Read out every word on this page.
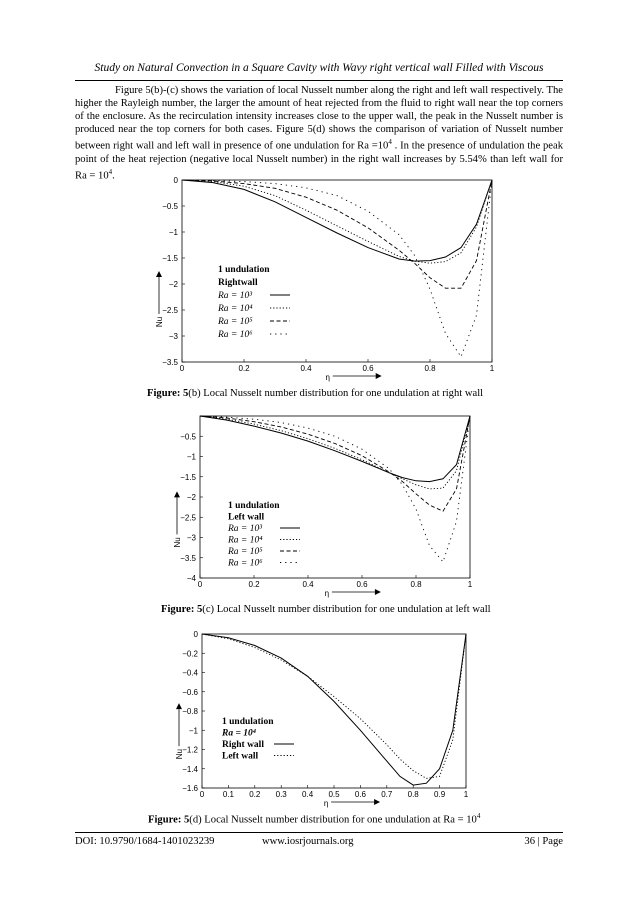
Study on Natural Convection in a Square Cavity with Wavy right vertical wall Filled with Viscous
Figure 5(b)-(c) shows the variation of local Nusselt number along the right and left wall respectively. The higher the Rayleigh number, the larger the amount of heat rejected from the fluid to right wall near the top corners of the enclosure. As the recirculation intensity increases close to the upper wall, the peak in the Nusselt number is produced near the top corners for both cases. Figure 5(d) shows the comparison of variation of Nusselt number between right wall and left wall in presence of one undulation for $Ra =10^4$ . In the presence of undulation the peak point of the heat rejection (negative local Nusselt number) in the right wall increases by 5.54% than left wall for $Ra = 10^4$.
0	0.2	0.4	0.6	0.8	1
0
−0.5
−1
−1.5
−2
−2.5
−3
−3.5
η
Nu
1 undulation
Rightwall
Ra = 10³
Ra = 10⁴
Ra = 10⁵
Ra = 10⁶
Figure: 5(b) Local Nusselt number distribution for one undulation at right wall
0	0.2	0.4	0.6	0.8	1
−0.5
−1
−1.5
−2
−2.5
−3
−3.5
−4
η
Nu
1 undulation
Left wall
Ra = 10³
Ra = 10⁴
Ra = 10⁵
Ra = 10⁶
Figure: 5(c) Local Nusselt number distribution for one undulation at left wall
0 0.1 0.2 0.3 0.4 0.5 0.6 0.7 0.8 0.9 1
0
−0.2
−0.4
−0.6
−0.8
−1
−1.2
−1.4
−1.6
η
Nu
1 undulation
Ra = 10⁴
Right wall
Left wall
Figure: 5(d) Local Nusselt number distribution for one undulation at $Ra = 10^4$
DOI: 10.9790/1684-1401023239	www.iosrjournals.org	36 | Page
